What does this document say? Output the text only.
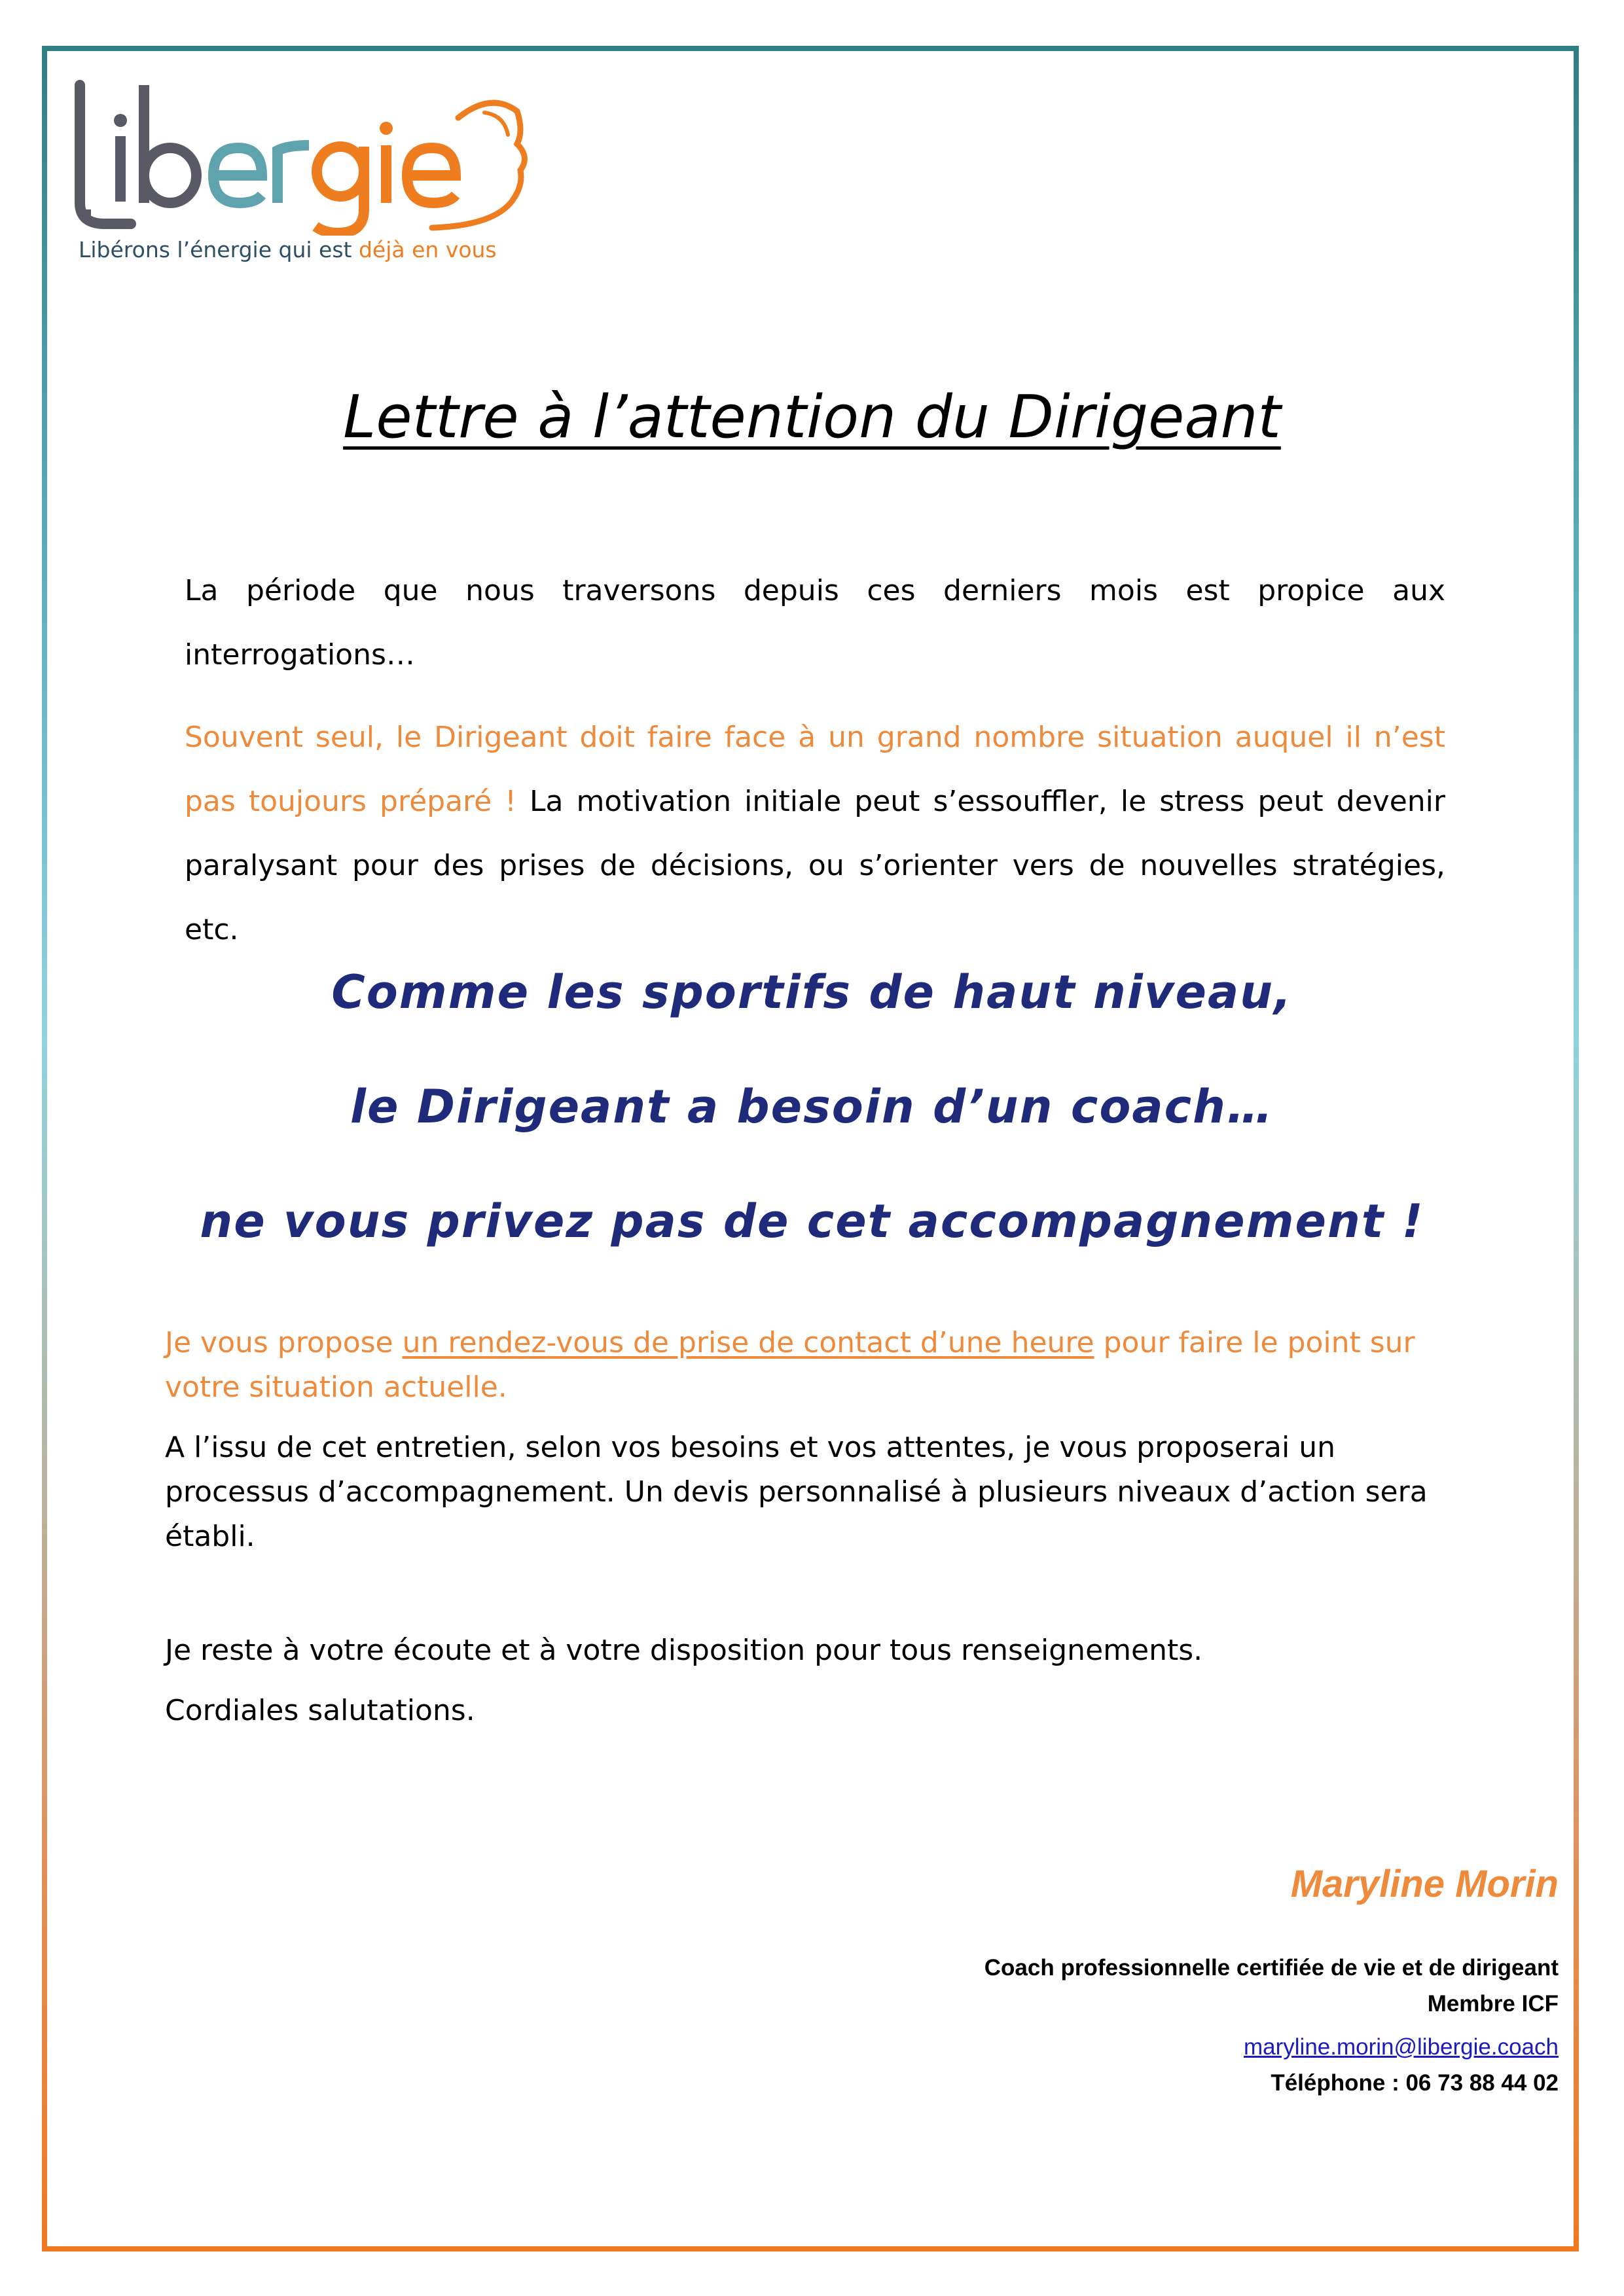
Libérons l’énergie qui est déjà en vous
Lettre à l’attention du Dirigeant
La période que nous traversons depuis ces derniers mois est propice aux interrogations…
Souvent seul, le Dirigeant doit faire face à un grand nombre situation auquel il n’est pas toujours préparé ! La motivation initiale peut s’essouffler, le stress peut devenir paralysant pour des prises de décisions, ou s’orienter vers de nouvelles stratégies, etc.
Comme les sportifs de haut niveau,
le Dirigeant a besoin d’un coach…
ne vous privez pas de cet accompagnement !
Je vous propose un rendez-vous de prise de contact d’une heure pour faire le point sur votre situation actuelle.
A l’issu de cet entretien, selon vos besoins et vos attentes, je vous proposerai un processus d’accompagnement. Un devis personnalisé à plusieurs niveaux d’action sera établi.
Je reste à votre écoute et à votre disposition pour tous renseignements.
Cordiales salutations.
Maryline Morin
Coach professionnelle certifiée de vie et de dirigeant
Membre ICF
maryline.morin@libergie.coach
Téléphone : 06 73 88 44 02
